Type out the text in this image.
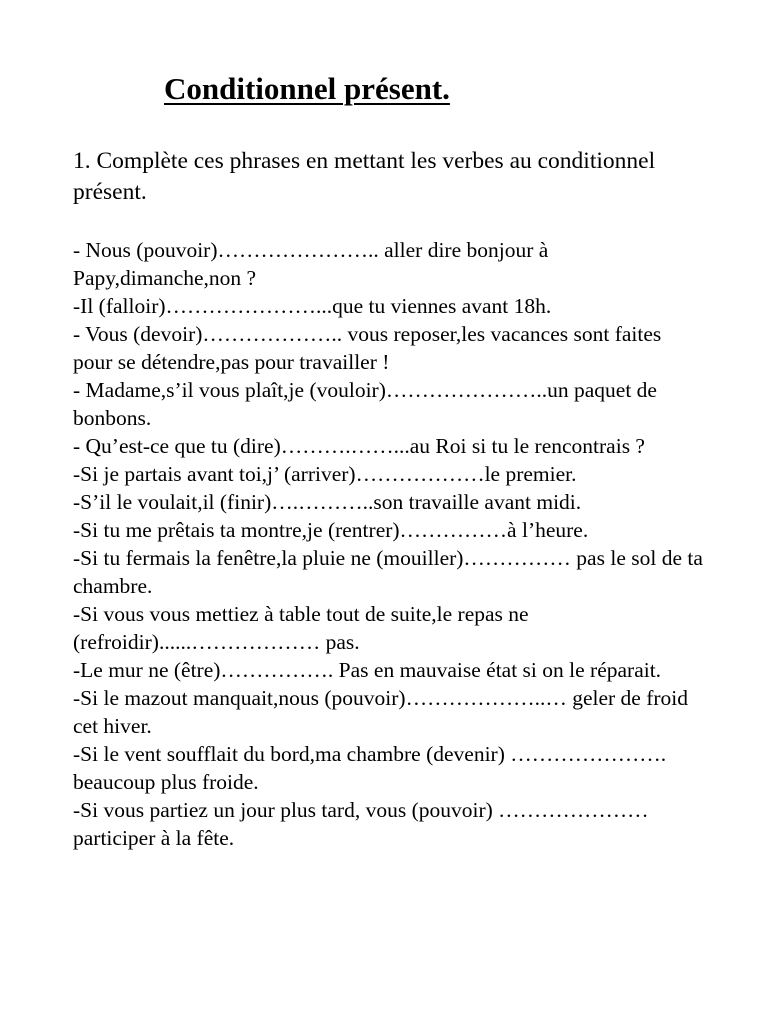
Conditionnel présent.

1. Complète ces phrases en mettant les verbes au conditionnel présent.

- Nous (pouvoir)………………….. aller dire bonjour à Papy,dimanche,non ?
-Il (falloir)…………………...que tu viennes avant 18h.
- Vous (devoir)……………….. vous reposer,les vacances sont faites pour se détendre,pas pour travailler !
- Madame,s’il vous plaît,je (vouloir)…………………..un paquet de bonbons.
- Qu’est-ce que tu (dire)……….……...au Roi si tu le rencontrais ?
-Si je partais avant toi,j’ (arriver)………………le premier.
-S’il le voulait,il (finir)….………..son travaille avant midi.
-Si tu me prêtais ta montre,je (rentrer)……………à l’heure.
-Si tu fermais la fenêtre,la pluie ne (mouiller)…………… pas le sol de ta chambre.
-Si vous vous mettiez à table tout de suite,le repas ne (refroidir)......……………… pas.
-Le mur ne (être)……………. Pas en mauvaise état si on le réparait.
-Si le mazout manquait,nous (pouvoir)………………..… geler de froid cet hiver.
-Si le vent soufflait du bord,ma chambre (devenir) …………………. beaucoup plus froide.
-Si vous partiez un jour plus tard, vous (pouvoir) ………………… participer à la fête.
